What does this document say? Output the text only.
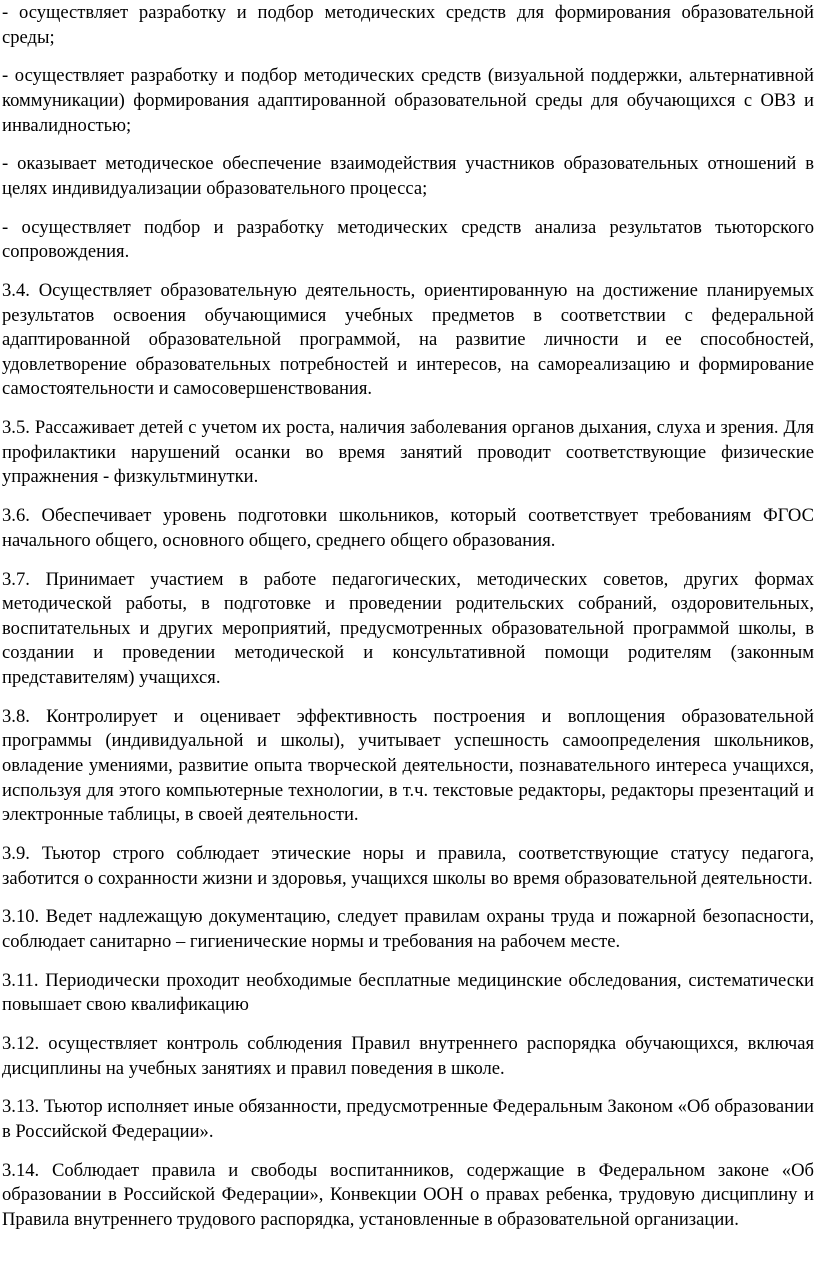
- осуществляет разработку и подбор методических средств для формирования образовательной среды;

- осуществляет разработку и подбор методических средств (визуальной поддержки, альтернативной коммуникации) формирования адаптированной образовательной среды для обучающихся с ОВЗ и инвалидностью;

- оказывает методическое обеспечение взаимодействия участников образовательных отношений в целях индивидуализации образовательного процесса;

- осуществляет подбор и разработку методических средств анализа результатов тьюторского сопровождения.

3.4. Осуществляет образовательную деятельность, ориентированную на достижение планируемых результатов освоения обучающимися учебных предметов в соответствии с федеральной адаптированной образовательной программой, на развитие личности и ее способностей, удовлетворение образовательных потребностей и интересов, на самореализацию и формирование самостоятельности и самосовершенствования.

3.5. Рассаживает детей с учетом их роста, наличия заболевания органов дыхания, слуха и зрения. Для профилактики нарушений осанки во время занятий проводит соответствующие физические упражнения - физкультминутки.

3.6. Обеспечивает уровень подготовки школьников, который соответствует требованиям ФГОС начального общего, основного общего, среднего общего образования.

3.7. Принимает участием в работе педагогических, методических советов, других формах методической работы, в подготовке и проведении родительских собраний, оздоровительных, воспитательных и других мероприятий, предусмотренных образовательной программой школы, в создании и проведении методической и консультативной помощи родителям (законным представителям) учащихся.

3.8. Контролирует и оценивает эффективность построения и воплощения образовательной программы (индивидуальной и школы), учитывает успешность самоопределения школьников, овладение умениями, развитие опыта творческой деятельности, познавательного интереса учащихся, используя для этого компьютерные технологии, в т.ч. текстовые редакторы, редакторы презентаций и электронные таблицы, в своей деятельности.

3.9. Тьютор строго соблюдает этические норы и правила, соответствующие статусу педагога, заботится о сохранности жизни и здоровья, учащихся школы во время образовательной деятельности.

3.10. Ведет надлежащую документацию, следует правилам охраны труда и пожарной безопасности, соблюдает санитарно – гигиенические нормы и требования на рабочем месте.

3.11. Периодически проходит необходимые бесплатные медицинские обследования, систематически повышает свою квалификацию

3.12. осуществляет контроль соблюдения Правил внутреннего распорядка обучающихся, включая дисциплины на учебных занятиях и правил поведения в школе.

3.13. Тьютор исполняет иные обязанности, предусмотренные Федеральным Законом «Об образовании в Российской Федерации».

3.14. Соблюдает правила и свободы воспитанников, содержащие в Федеральном законе «Об образовании в Российской Федерации», Конвекции ООН о правах ребенка, трудовую дисциплину и Правила внутреннего трудового распорядка, установленные в образовательной организации.
